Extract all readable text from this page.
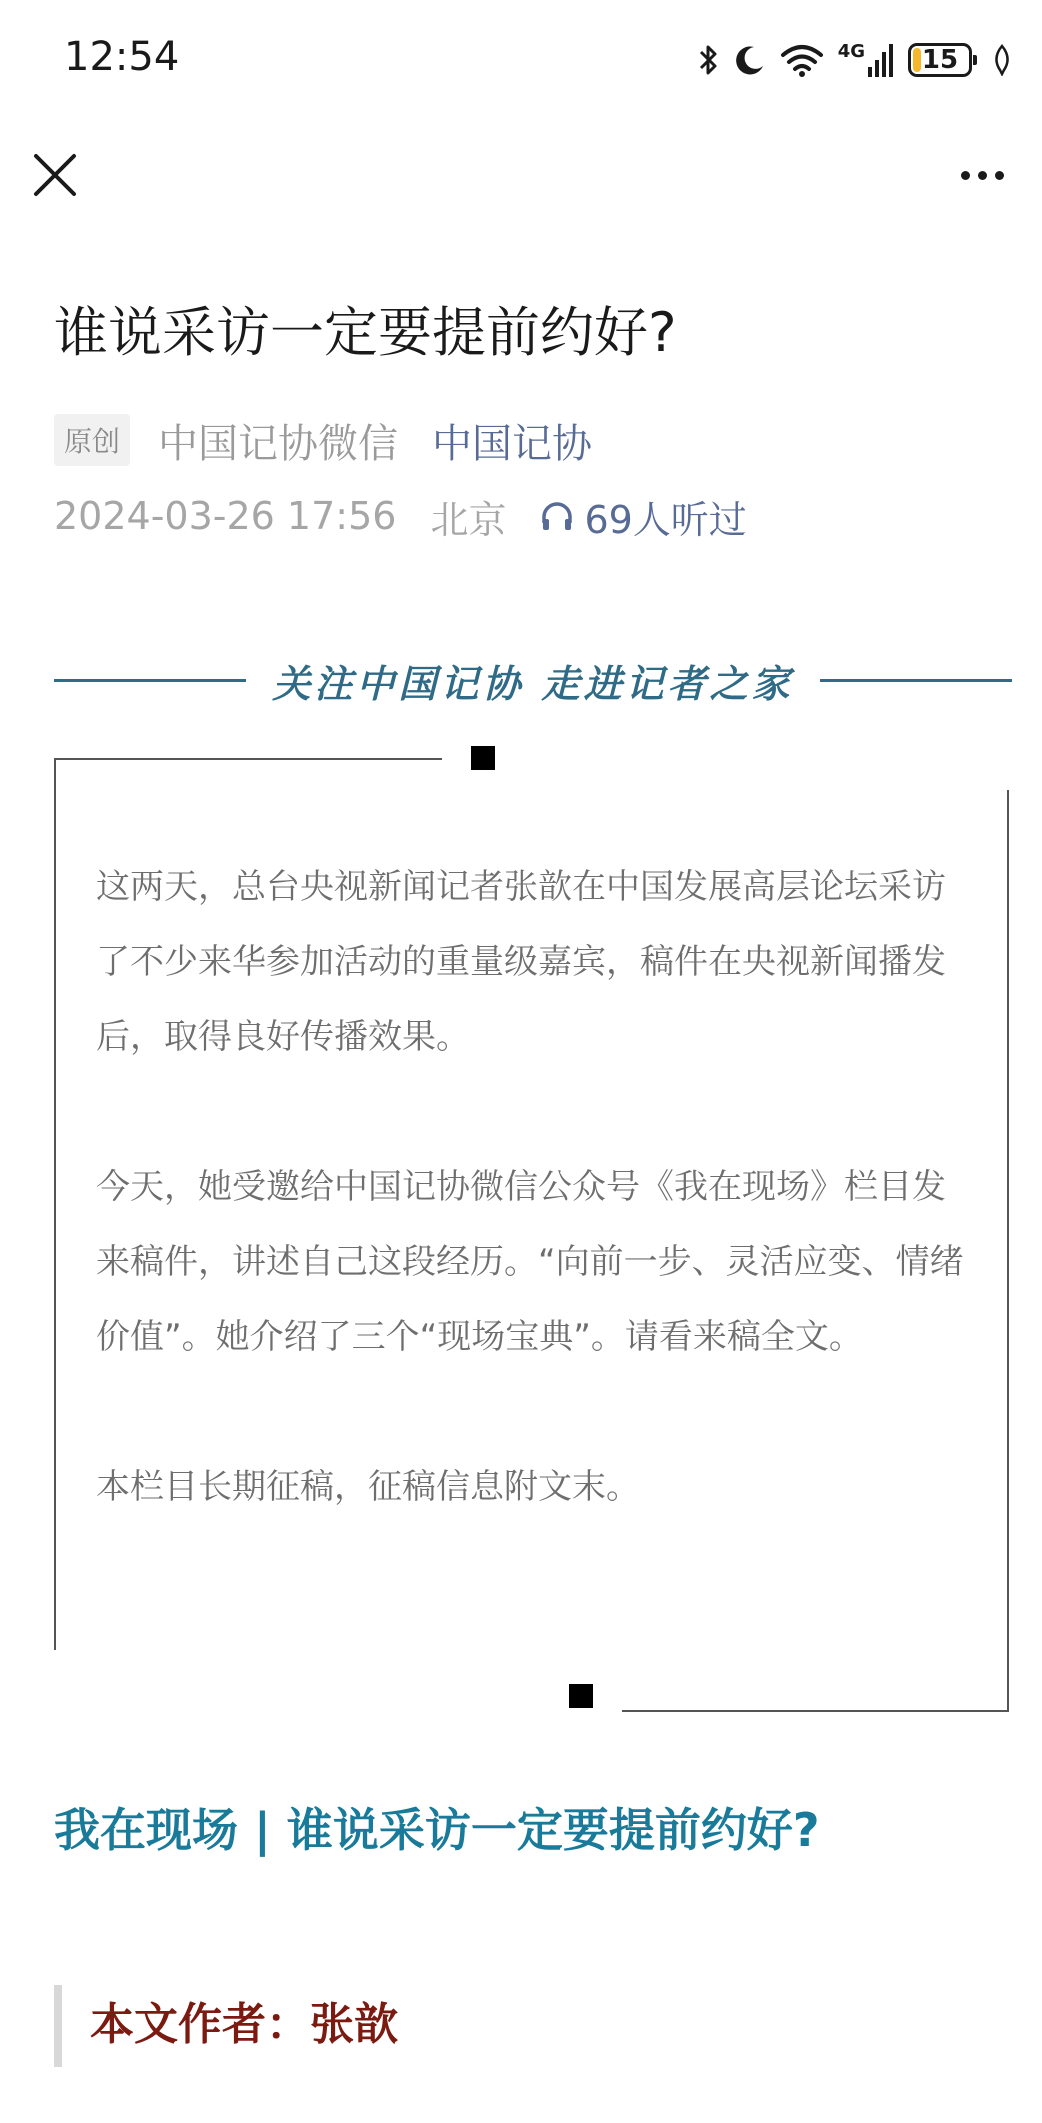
12:54	4G 15
谁说采访一定要提前约好?
原创 中国记协微信 中国记协
2024-03-26 17:56 北京 69人听过
关注中国记协 走进记者之家

这两天，总台央视新闻记者张歆在中国发展高层论坛采访了不少来华参加活动的重量级嘉宾，稿件在央视新闻播发后，取得良好传播效果。

今天，她受邀给中国记协微信公众号《我在现场》栏目发来稿件，讲述自己这段经历。“向前一步、灵活应变、情绪价值”。她介绍了三个“现场宝典”。请看来稿全文。

本栏目长期征稿，征稿信息附文末。

我在现场 | 谁说采访一定要提前约好?
本文作者：张歆
